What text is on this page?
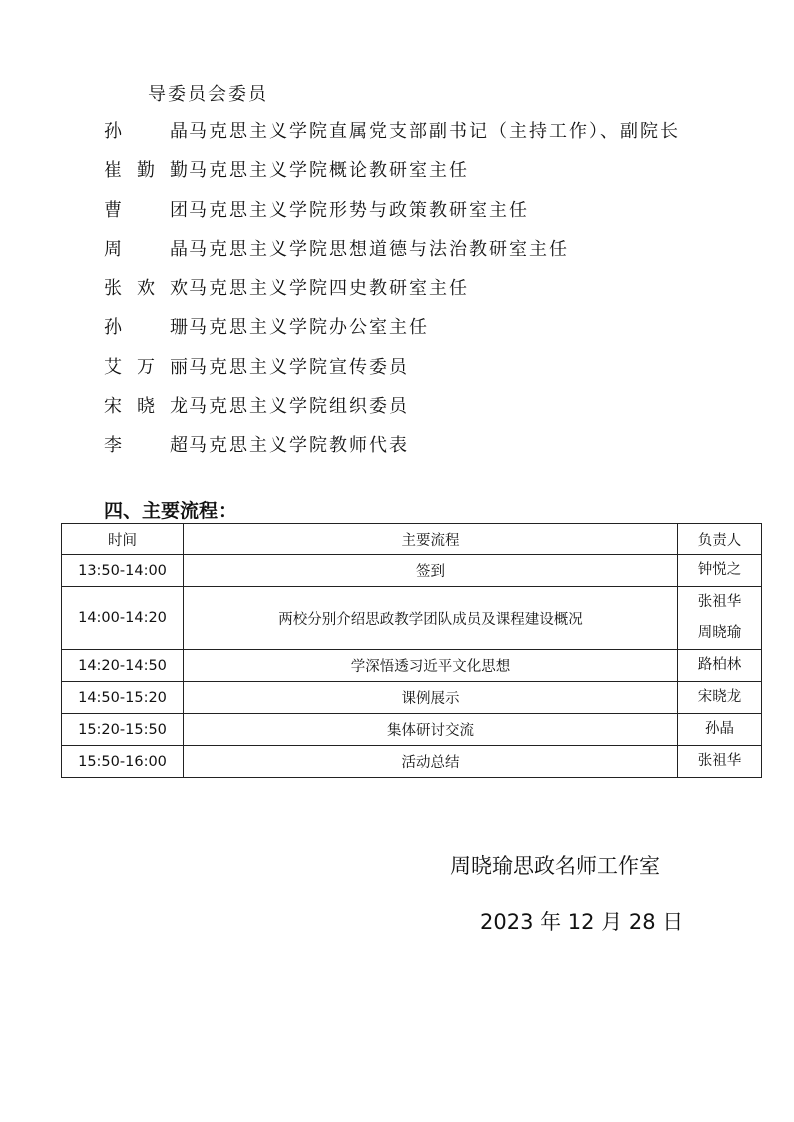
导委员会委员
孙晶 马克思主义学院直属党支部副书记（主持工作）、副院长
崔勤勤 马克思主义学院概论教研室主任
曹团 马克思主义学院形势与政策教研室主任
周晶 马克思主义学院思想道德与法治教研室主任
张欢欢 马克思主义学院四史教研室主任
孙珊 马克思主义学院办公室主任
艾万丽 马克思主义学院宣传委员
宋晓龙 马克思主义学院组织委员
李超 马克思主义学院教师代表
四、主要流程：
时间	主要流程	负责人
13:50-14:00	签到	钟悦之

14:00-14:20	两校分别介绍思政教学团队成员及课程建设概况	张祖华
周晓瑜

14:20-14:50	学深悟透习近平文化思想	路柏林

14:50-15:20	课例展示	宋晓龙

15:20-15:50	集体研讨交流	孙晶

15:50-16:00	活动总结	张祖华
周晓瑜思政名师工作室
2023 年 12 月 28 日
